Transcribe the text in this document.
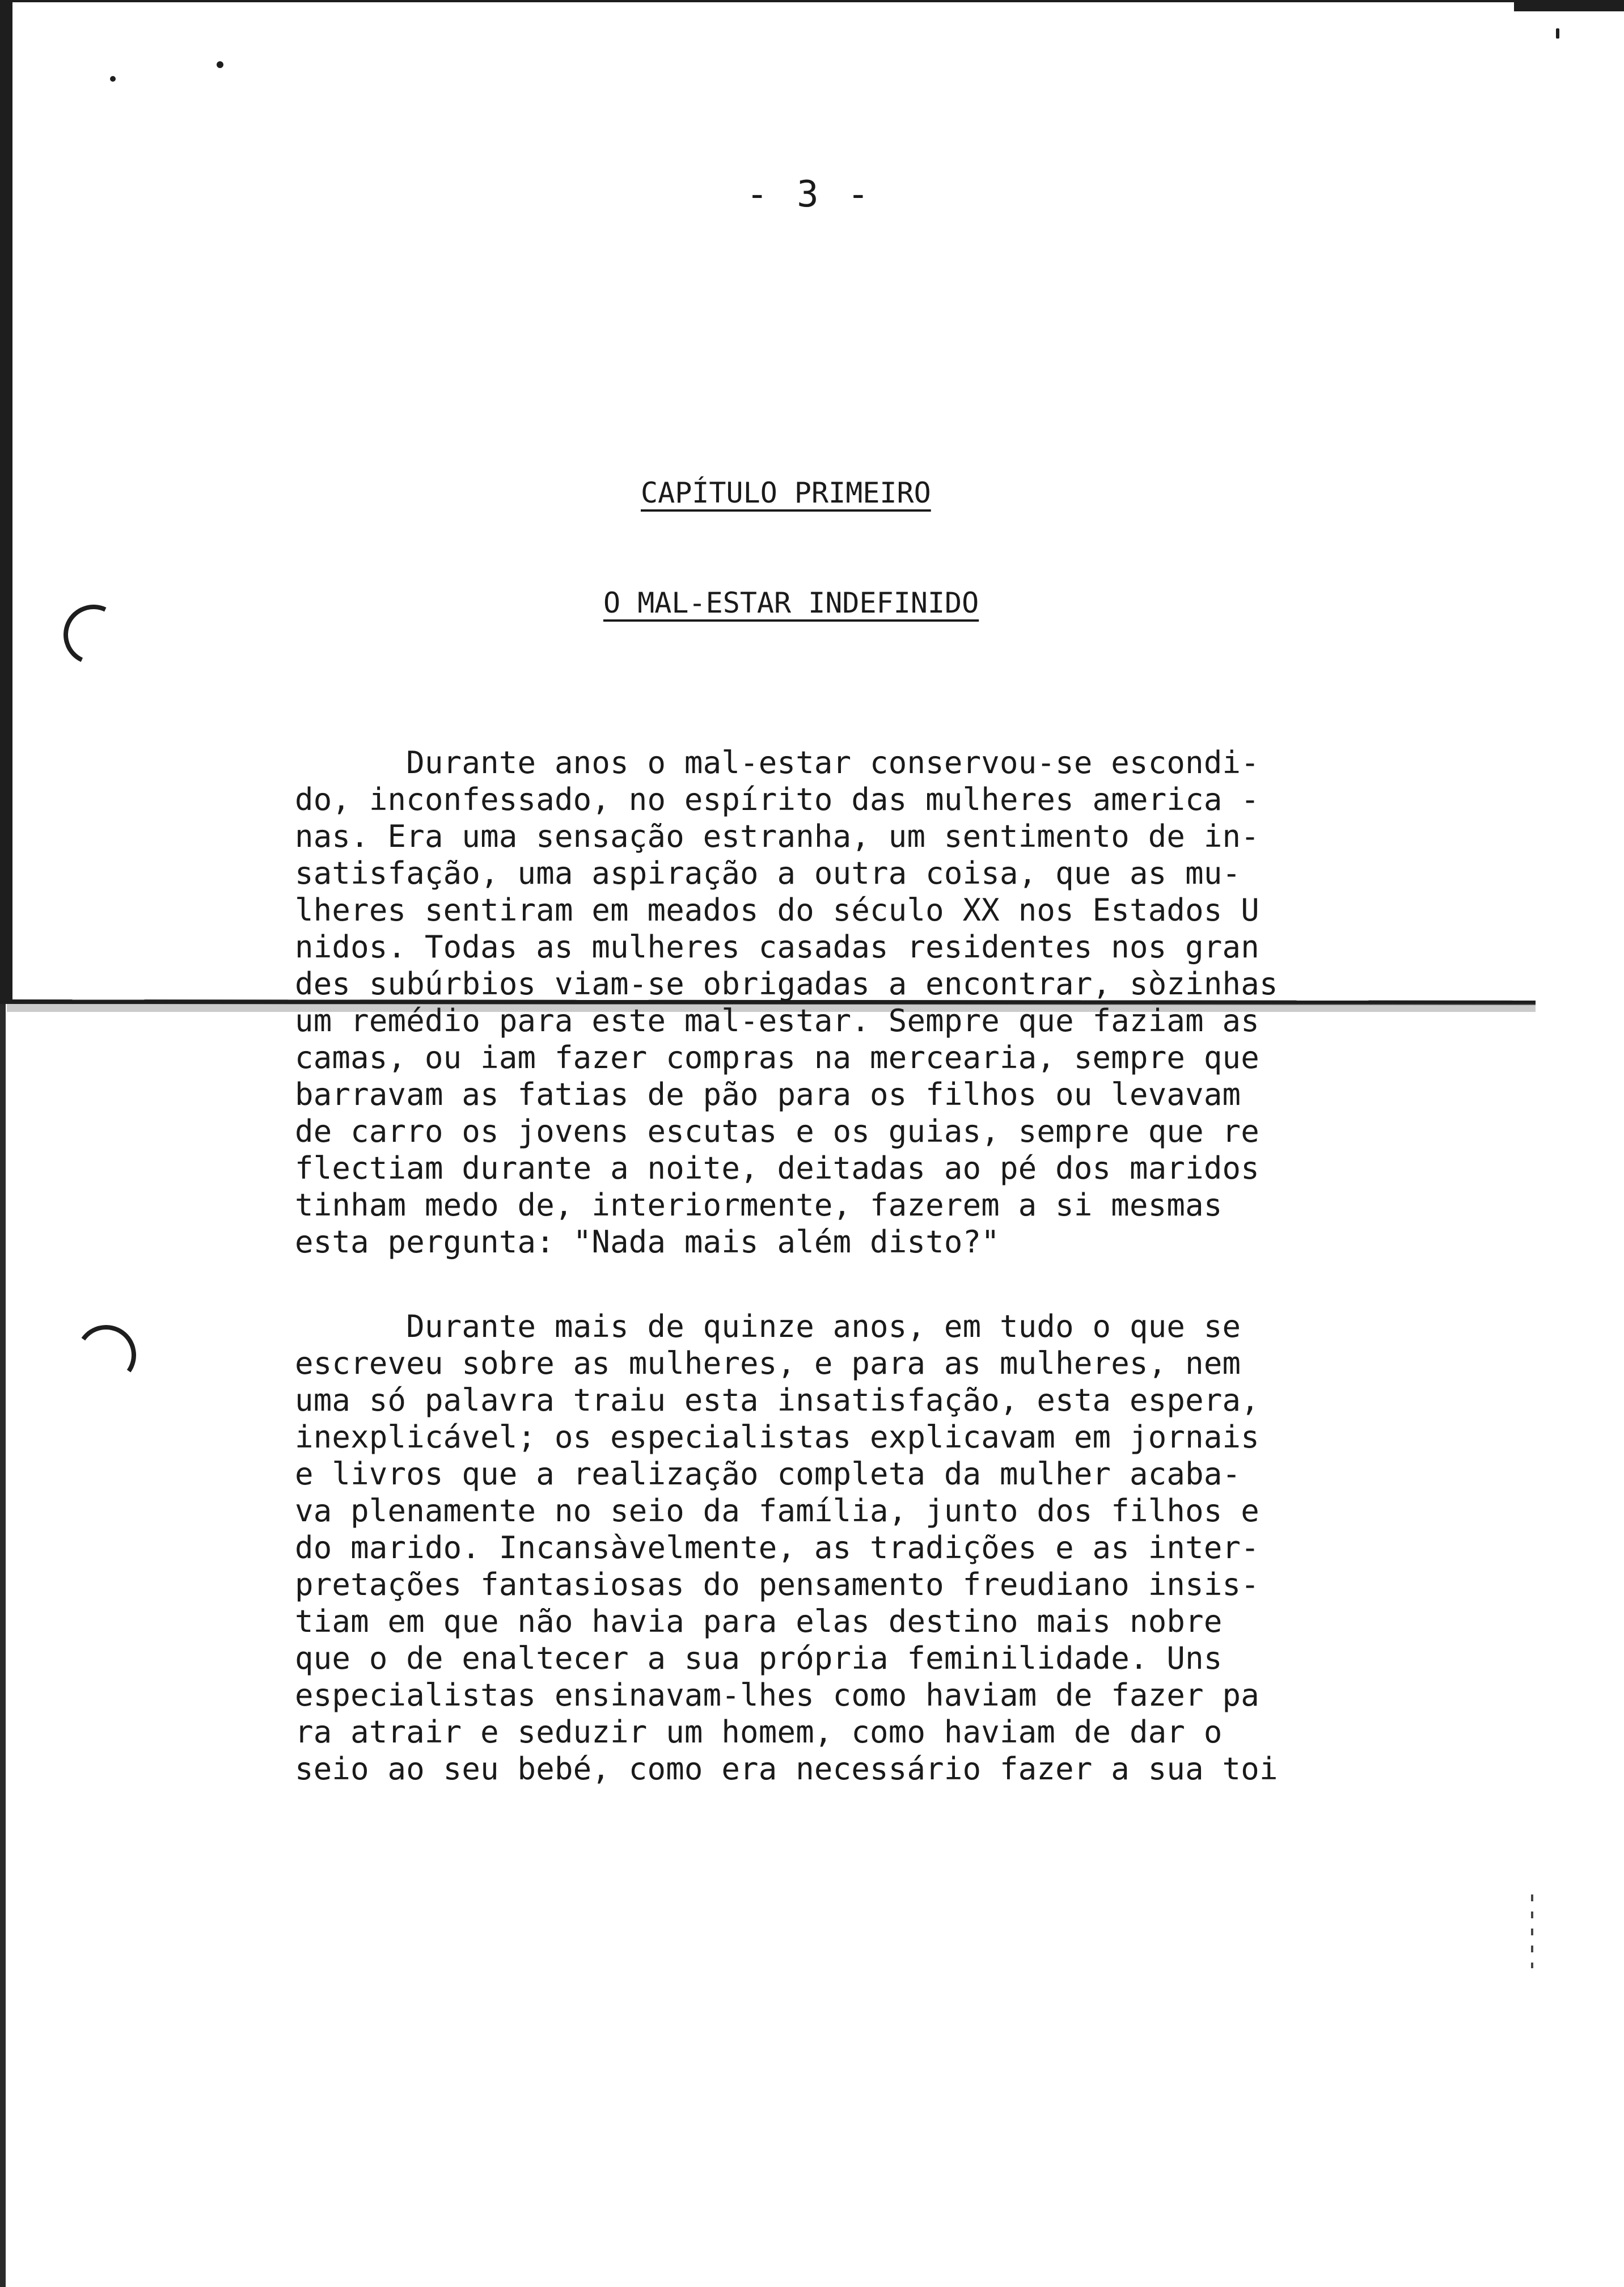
- 3 -
CAPÍTULO PRIMEIRO
O MAL-ESTAR INDEFINIDO
Durante anos o mal-estar conservou-se escondi-
do, inconfessado, no espírito das mulheres america -
nas. Era uma sensação estranha, um sentimento de in-
satisfação, uma aspiração a outra coisa, que as mu-
lheres sentiram em meados do século XX nos Estados U
nidos. Todas as mulheres casadas residentes nos gran
des subúrbios viam-se obrigadas a encontrar, sòzinhas
um remédio para este mal-estar. Sempre que faziam as
camas, ou iam fazer compras na mercearia, sempre que
barravam as fatias de pão para os filhos ou levavam
de carro os jovens escutas e os guias, sempre que re
flectiam durante a noite, deitadas ao pé dos maridos
tinham medo de, interiormente, fazerem a si mesmas
esta pergunta: "Nada mais além disto?"
Durante mais de quinze anos, em tudo o que se
escreveu sobre as mulheres, e para as mulheres, nem
uma só palavra traiu esta insatisfação, esta espera,
inexplicável; os especialistas explicavam em jornais
e livros que a realização completa da mulher acaba-
va plenamente no seio da família, junto dos filhos e
do marido. Incansàvelmente, as tradições e as inter-
pretações fantasiosas do pensamento freudiano insis-
tiam em que não havia para elas destino mais nobre
que o de enaltecer a sua própria feminilidade. Uns
especialistas ensinavam-lhes como haviam de fazer pa
ra atrair e seduzir um homem, como haviam de dar o
seio ao seu bebé, como era necessário fazer a sua toi
